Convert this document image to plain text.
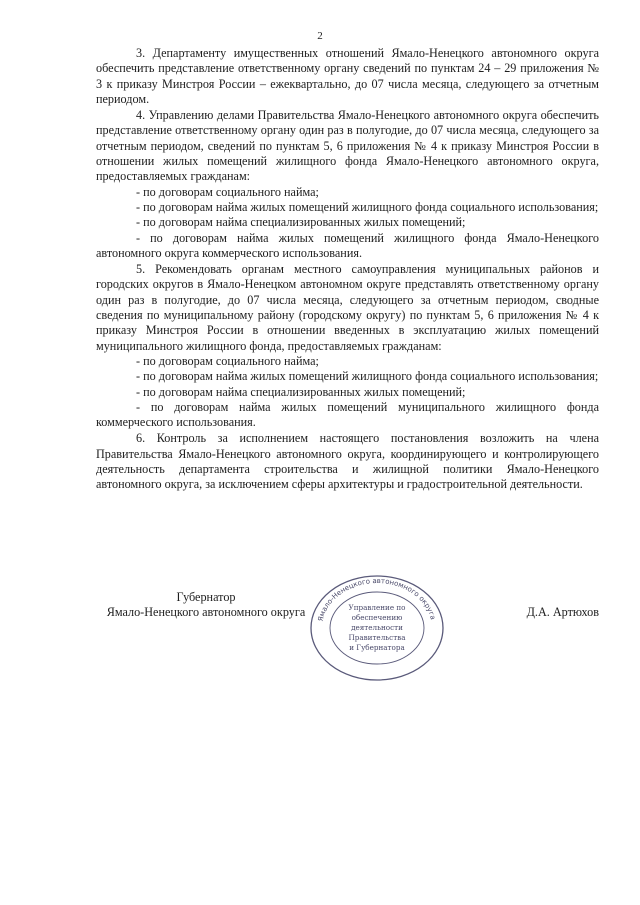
2

3. Департаменту имущественных отношений Ямало-Ненецкого автономного округа обеспечить представление ответственному органу сведений по пунктам 24 – 29 приложения № 3 к приказу Минстроя России – ежеквартально, до 07 числа месяца, следующего за отчетным периодом.

4. Управлению делами Правительства Ямало-Ненецкого автономного округа обеспечить представление ответственному органу один раз в полугодие, до 07 числа месяца, следующего за отчетным периодом, сведений по пунктам 5, 6 приложения № 4 к приказу Минстроя России в отношении жилых помещений жилищного фонда Ямало-Ненецкого автономного округа, предоставляемых гражданам:

- по договорам социального найма;

- по договорам найма жилых помещений жилищного фонда социального использования;

- по договорам найма специализированных жилых помещений;

- по договорам найма жилых помещений жилищного фонда Ямало-Ненецкого автономного округа коммерческого использования.

5. Рекомендовать органам местного самоуправления муниципальных районов и городских округов в Ямало-Ненецком автономном округе представлять ответственному органу один раз в полугодие, до 07 числа месяца, следующего за отчетным периодом, сводные сведения по муниципальному району (городскому округу) по пунктам 5, 6 приложения № 4 к приказу Минстроя России в отношении введенных в эксплуатацию жилых помещений муниципального жилищного фонда, предоставляемых гражданам:

- по договорам социального найма;

- по договорам найма жилых помещений жилищного фонда социального использования;

- по договорам найма специализированных жилых помещений;

- по договорам найма жилых помещений муниципального жилищного фонда коммерческого использования.

6. Контроль за исполнением настоящего постановления возложить на члена Правительства Ямало-Ненецкого автономного округа, координирующего и контролирующего деятельность департамента строительства и жилищной политики Ямало-Ненецкого автономного округа, за исключением сферы архитектуры и градостроительной деятельности.

Губернатор
Ямало-Ненецкого автономного округа	Д.А. Артюхов
Ямало-Ненецкого автономного округа
Управление по
обеспечению
деятельности
Правительства
и Губернатора
